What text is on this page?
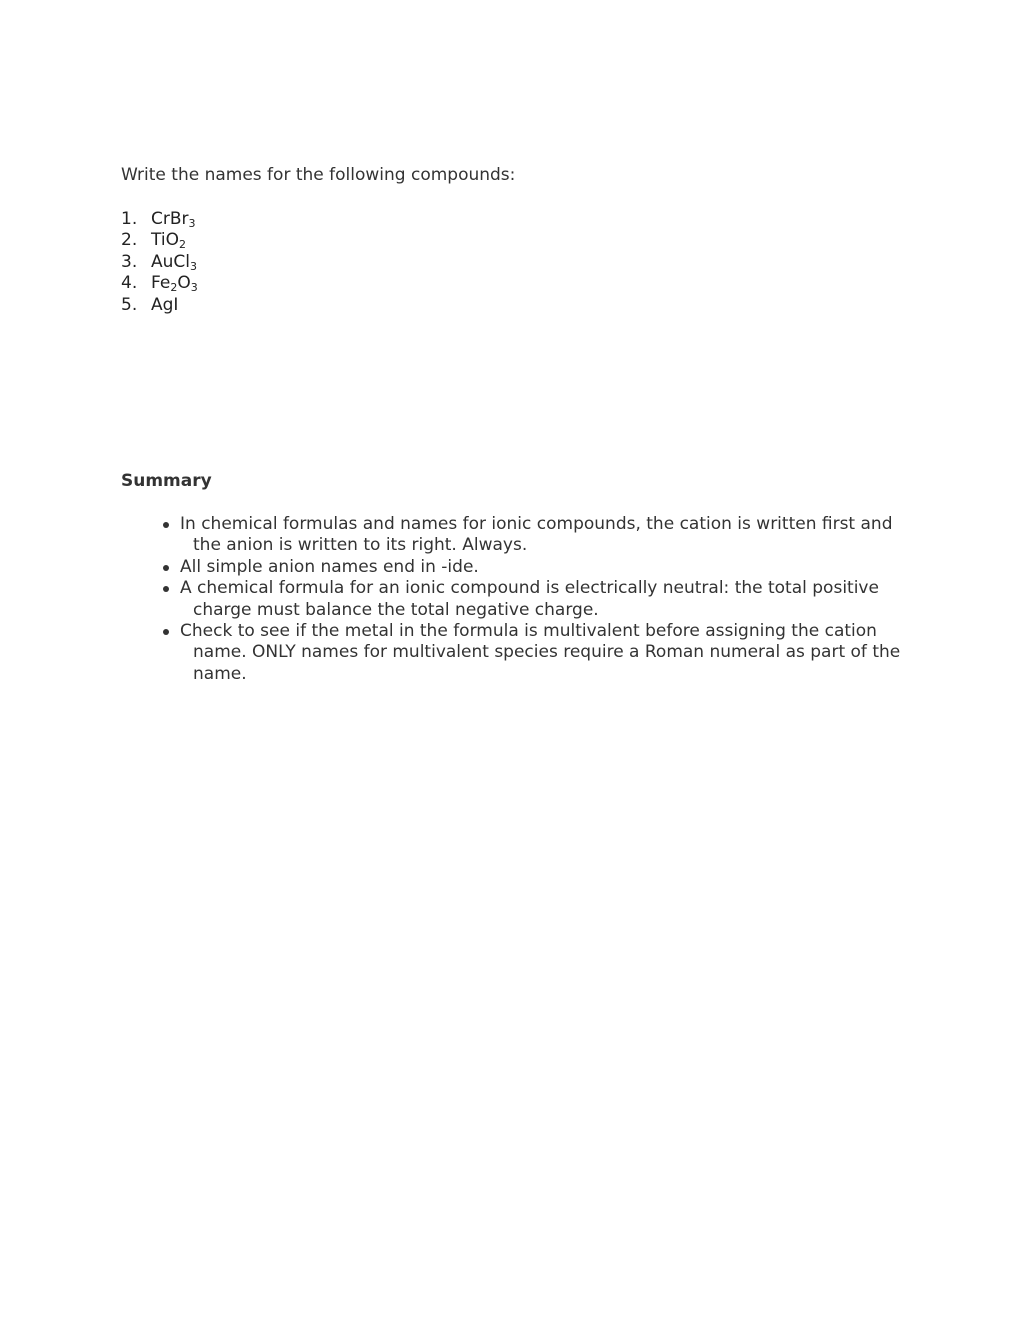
Write the names for the following compounds:

1. CrBr$_3$
2. TiO$_2$
3. AuCl$_3$
4. $Fe_2O_3$
5. AgI
Summary
In chemical formulas and names for ionic compounds, the cation is written first and the anion is written to its right. Always.
All simple anion names end in -ide.
A chemical formula for an ionic compound is electrically neutral: the total positive charge must balance the total negative charge.
Check to see if the metal in the formula is multivalent before assigning the cation name. ONLY names for multivalent species require a Roman numeral as part of the name.
